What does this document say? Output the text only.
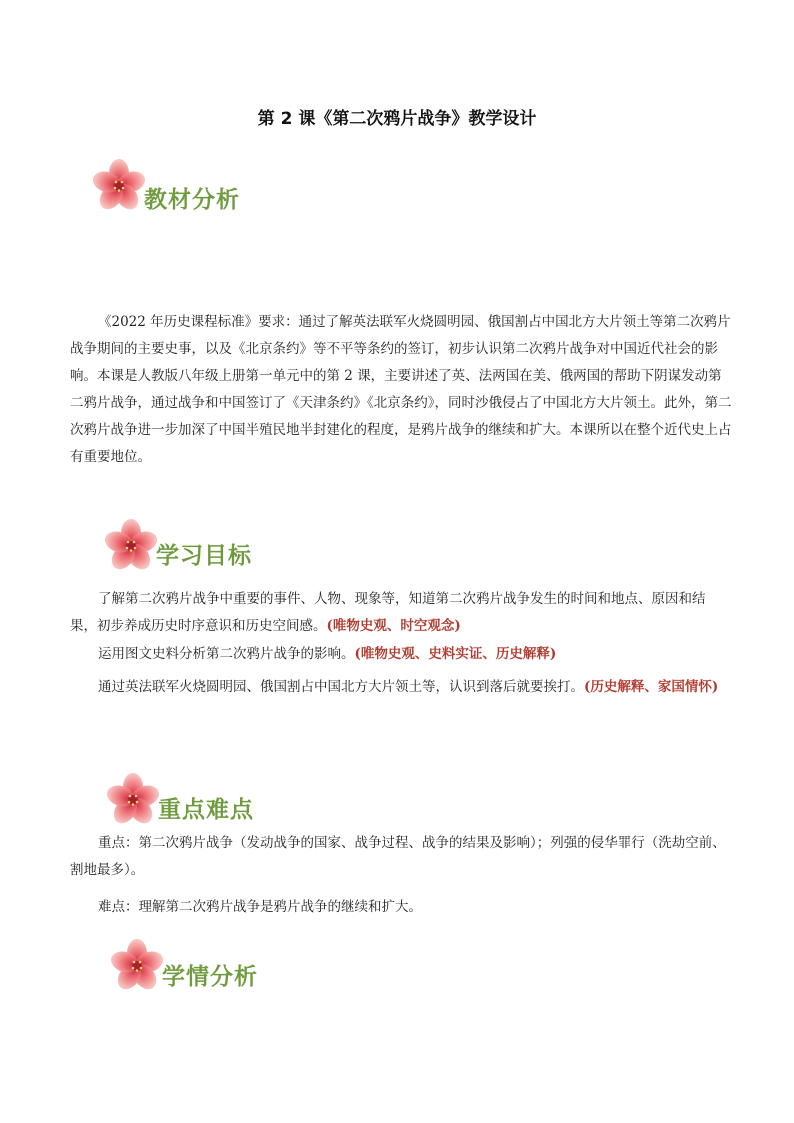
第 2 课《第二次鸦片战争》教学设计
教材分析
《2022 年历史课程标准》要求：通过了解英法联军火烧圆明园、俄国割占中国北方大片领土等第二次鸦片战争期间的主要史事，以及《北京条约》等不平等条约的签订，初步认识第二次鸦片战争对中国近代社会的影响。本课是人教版八年级上册第一单元中的第 2 课，主要讲述了英、法两国在美、俄两国的帮助下阴谋发动第二鸦片战争，通过战争和中国签订了《天津条约》《北京条约》，同时沙俄侵占了中国北方大片领土。此外，第二次鸦片战争进一步加深了中国半殖民地半封建化的程度，是鸦片战争的继续和扩大。本课所以在整个近代史上占有重要地位。
学习目标
了解第二次鸦片战争中重要的事件、人物、现象等，知道第二次鸦片战争发生的时间和地点、原因和结果，初步养成历史时序意识和历史空间感。(唯物史观、时空观念)
运用图文史料分析第二次鸦片战争的影响。(唯物史观、史料实证、历史解释)
通过英法联军火烧圆明园、俄国割占中国北方大片领土等，认识到落后就要挨打。(历史解释、家国情怀)
重点难点
重点：第二次鸦片战争（发动战争的国家、战争过程、战争的结果及影响）；列强的侵华罪行（洗劫空前、割地最多）。
难点：理解第二次鸦片战争是鸦片战争的继续和扩大。
学情分析
